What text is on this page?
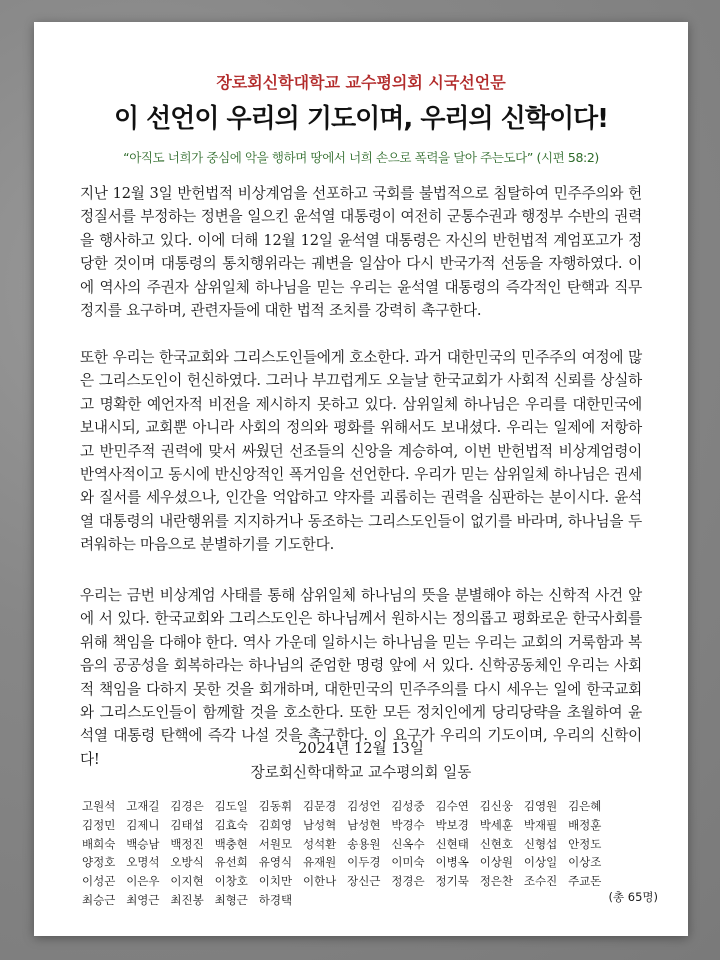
장로회신학대학교 교수평의회 시국선언문
이 선언이 우리의 기도이며, 우리의 신학이다!
“아직도 너희가 중심에 악을 행하며 땅에서 너희 손으로 폭력을 달아 주는도다” (시편 58:2)

지난 12월 3일 반헌법적 비상계엄을 선포하고 국회를 불법적으로 침탈하여 민주주의와 헌정질서를 부정하는 정변을 일으킨 윤석열 대통령이 여전히 군통수권과 행정부 수반의 권력을 행사하고 있다. 이에 더해 12월 12일 윤석열 대통령은 자신의 반헌법적 계엄포고가 정당한 것이며 대통령의 통치행위라는 궤변을 일삼아 다시 반국가적 선동을 자행하였다. 이에 역사의 주권자 삼위일체 하나님을 믿는 우리는 윤석열 대통령의 즉각적인 탄핵과 직무정지를 요구하며, 관련자들에 대한 법적 조치를 강력히 촉구한다.

또한 우리는 한국교회와 그리스도인들에게 호소한다. 과거 대한민국의 민주주의 여정에 많은 그리스도인이 헌신하였다. 그러나 부끄럽게도 오늘날 한국교회가 사회적 신뢰를 상실하고 명확한 예언자적 비전을 제시하지 못하고 있다. 삼위일체 하나님은 우리를 대한민국에 보내시되, 교회뿐 아니라 사회의 정의와 평화를 위해서도 보내셨다. 우리는 일제에 저항하고 반민주적 권력에 맞서 싸웠던 선조들의 신앙을 계승하여, 이번 반헌법적 비상계엄령이 반역사적이고 동시에 반신앙적인 폭거임을 선언한다. 우리가 믿는 삼위일체 하나님은 권세와 질서를 세우셨으나, 인간을 억압하고 약자를 괴롭히는 권력을 심판하는 분이시다. 윤석열 대통령의 내란행위를 지지하거나 동조하는 그리스도인들이 없기를 바라며, 하나님을 두려워하는 마음으로 분별하기를 기도한다.

우리는 금번 비상계엄 사태를 통해 삼위일체 하나님의 뜻을 분별해야 하는 신학적 사건 앞에 서 있다. 한국교회와 그리스도인은 하나님께서 원하시는 정의롭고 평화로운 한국사회를 위해 책임을 다해야 한다. 역사 가운데 일하시는 하나님을 믿는 우리는 교회의 거룩함과 복음의 공공성을 회복하라는 하나님의 준엄한 명령 앞에 서 있다. 신학공동체인 우리는 사회적 책임을 다하지 못한 것을 회개하며, 대한민국의 민주주의를 다시 세우는 일에 한국교회와 그리스도인들이 함께할 것을 호소한다. 또한 모든 정치인에게 당리당략을 초월하여 윤석열 대통령 탄핵에 즉각 나설 것을 촉구한다. 이 요구가 우리의 기도이며, 우리의 신학이다!

2024년 12월 13일
장로회신학대학교 교수평의회 일동
고원석 고재길 김경은 김도일 김동휘 김문경 김성언 김성중 김수연 김신웅 김영원 김은혜
김정민 김제니 김태섭 김효숙 김희영 남성혁 남성현 박경수 박보경 박세훈 박재필 배정훈
배희숙 백승남 백정진 백충현 서원모 성석환 송용원 신옥수 신현태 신현호 신형섭 안정도
양정호 오명석 오방식 유선희 유영식 유재원 이두경 이미숙 이병옥 이상원 이상일 이상조
이성곤 이은우 이지현 이창호 이치만 이한나 장신근 정경은 정기묵 정은찬 조수진 주교돈
최승근 최영근 최진봉 최형근 하경택	(총 65명)
